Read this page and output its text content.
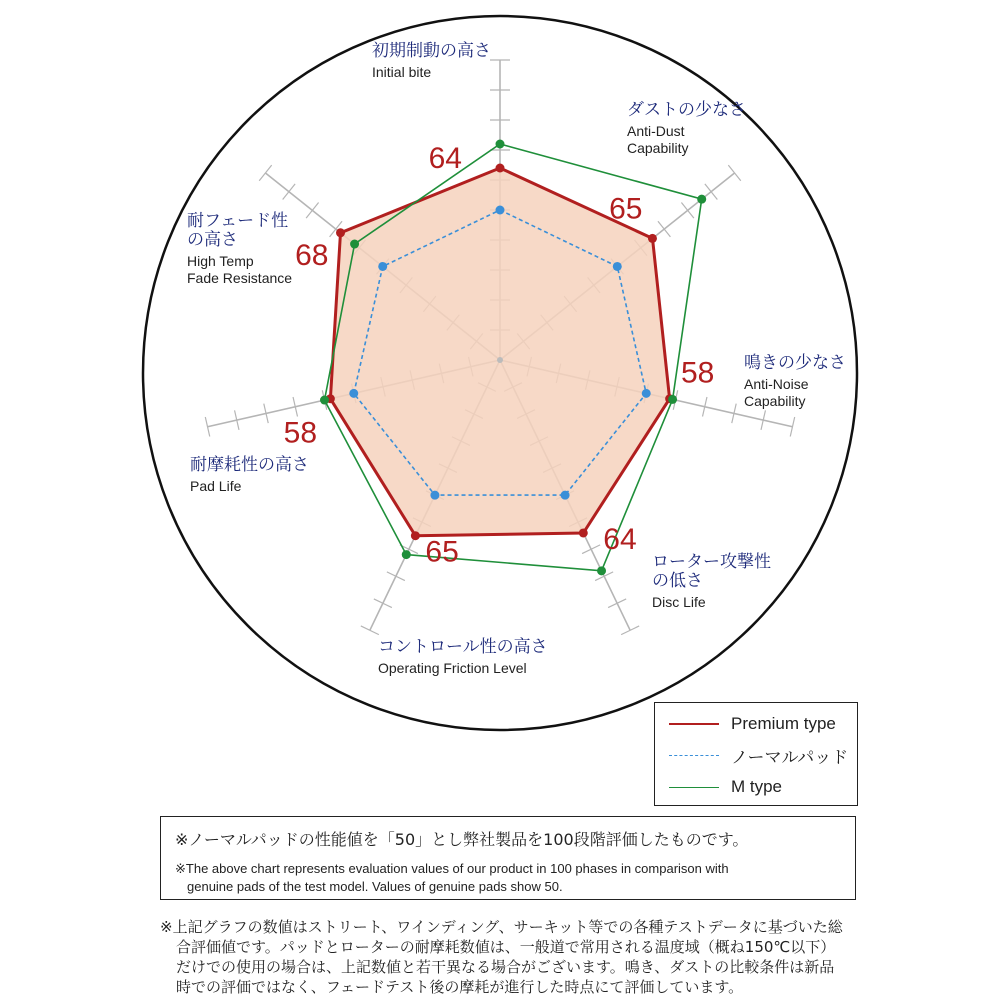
64
65
58
64
65
58
68
初期制動の高さ
Initial bite
ダストの少なさ
Anti-Dust
Capability
鳴きの少なさ
Anti-Noise
Capability
ローター攻撃性
の低さ
Disc Life
コントロール性の高さ
Operating Friction Level
耐摩耗性の高さ
Pad Life
耐フェード性
の高さ
High Temp
Fade Resistance
Premium type
ノーマルパッド
M type
※ノーマルパッドの性能値を「50」とし弊社製品を100段階評価したものです。
※The above chart represents evaluation values of our product in 100 phases in comparison with
genuine pads of the test model. Values of genuine pads show 50.
※上記グラフの数値はストリート、ワインディング、サーキット等での各種テストデータに基づいた総
合評価値です。パッドとローターの耐摩耗数値は、一般道で常用される温度域（概ね150℃以下）
だけでの使用の場合は、上記数値と若干異なる場合がございます。鳴き、ダストの比較条件は新品
時での評価ではなく、フェードテスト後の摩耗が進行した時点にて評価しています。
